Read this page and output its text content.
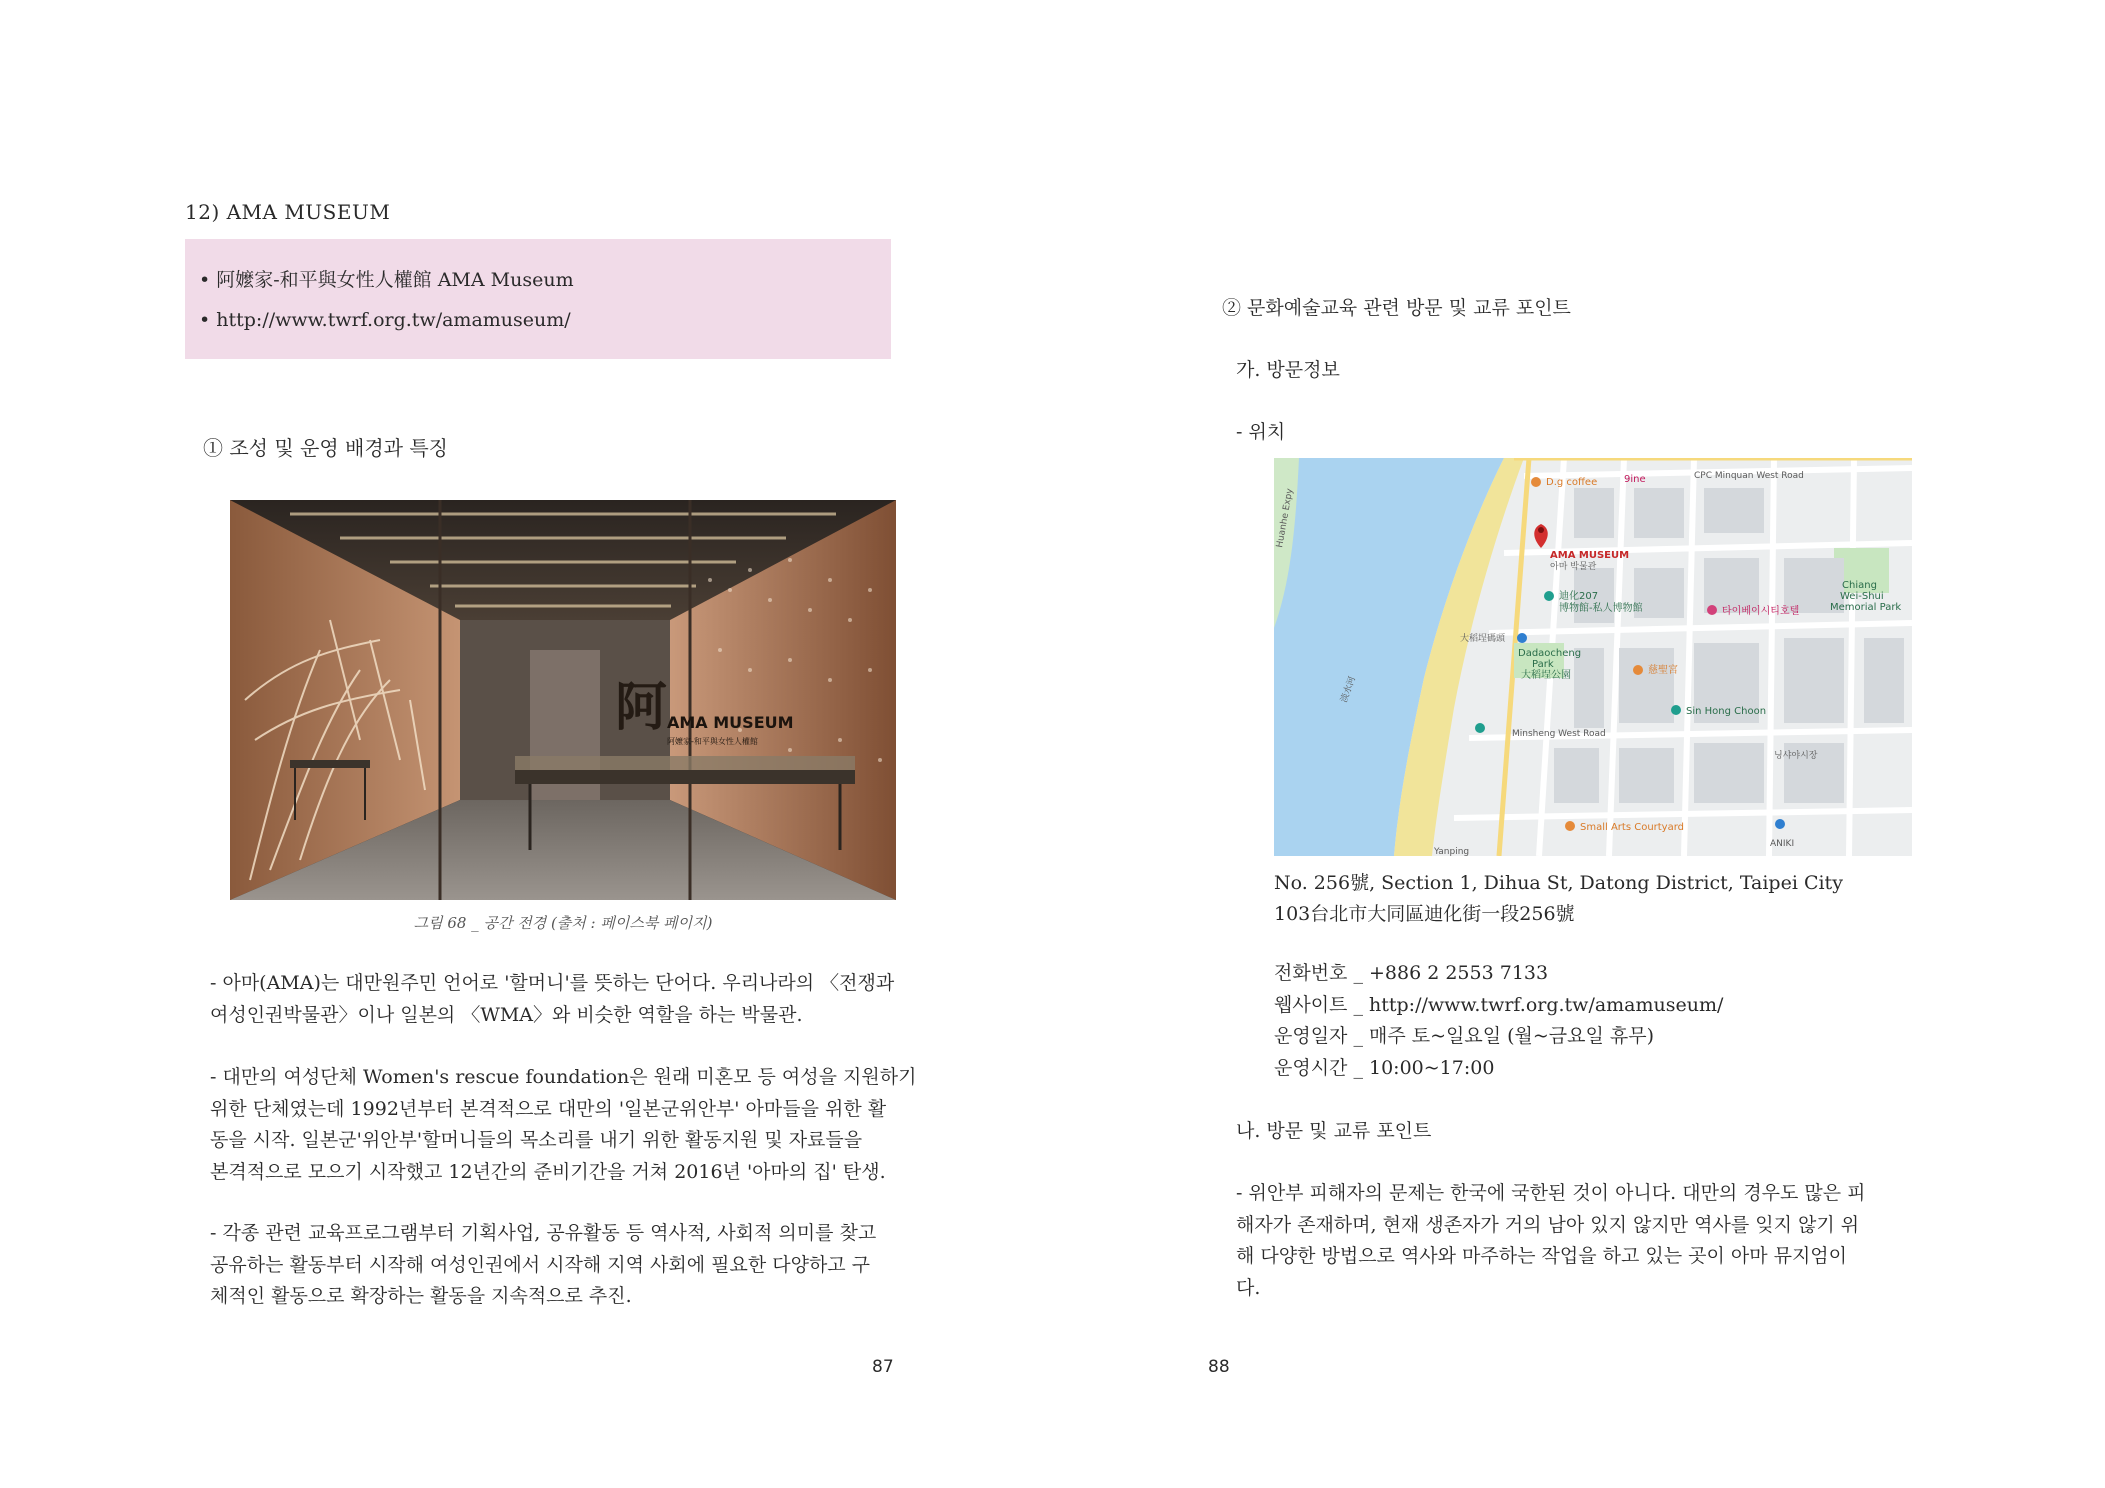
12) AMA MUSEUM
• 阿嬤家-和平與女性人權館 AMA Museum
• http://www.twrf.org.tw/amamuseum/
① 조성 및 운영 배경과 특징
阿 AMA MUSEUM
阿嬤家-和平與女性人權館
그림 68 _ 공간 전경 (출처 : 페이스북 페이지)
- 아마(AMA)는 대만원주민 언어로 '할머니'를 뜻하는 단어다. 우리나라의 〈전쟁과
여성인권박물관〉이나 일본의 〈WMA〉와 비슷한 역할을 하는 박물관.
- 대만의 여성단체 Women's rescue foundation은 원래 미혼모 등 여성을 지원하기
위한 단체였는데 1992년부터 본격적으로 대만의 '일본군위안부' 아마들을 위한 활
동을 시작. 일본군'위안부'할머니들의 목소리를 내기 위한 활동지원 및 자료들을
본격적으로 모으기 시작했고 12년간의 준비기간을 거쳐 2016년 '아마의 집' 탄생.
- 각종 관련 교육프로그램부터 기획사업, 공유활동 등 역사적, 사회적 의미를 찾고
공유하는 활동부터 시작해 여성인권에서 시작해 지역 사회에 필요한 다양하고 구
체적인 활동으로 확장하는 활동을 지속적으로 추진.
87
② 문화예술교육 관련 방문 및 교류 포인트
가. 방문정보
- 위치
Huanhe Expy
淡水河
D.g coffee	9ine	CPC Minquan West Road
AMA MUSEUM
아마 박물관
迪化207
博物館-私人博物館	타이베이시티호텔
Chiang
Wei-Shui
Memorial Park
大稻埕碼頭
Dadaocheng
Park
大稻埕公園	慈聖宮
Sin Hong Choon
Minsheng West Road
닝샤야시장
Small Arts Courtyard
ANIKI
Yanping
No. 256號, Section 1, Dihua St, Datong District, Taipei City
103台北市大同區迪化街一段256號
전화번호 _ +886 2 2553 7133
웹사이트 _ http://www.twrf.org.tw/amamuseum/
운영일자 _ 매주 토~일요일 (월~금요일 휴무)
운영시간 _ 10:00~17:00
나. 방문 및 교류 포인트
- 위안부 피해자의 문제는 한국에 국한된 것이 아니다. 대만의 경우도 많은 피
해자가 존재하며, 현재 생존자가 거의 남아 있지 않지만 역사를 잊지 않기 위
해 다양한 방법으로 역사와 마주하는 작업을 하고 있는 곳이 아마 뮤지엄이
다.
88
